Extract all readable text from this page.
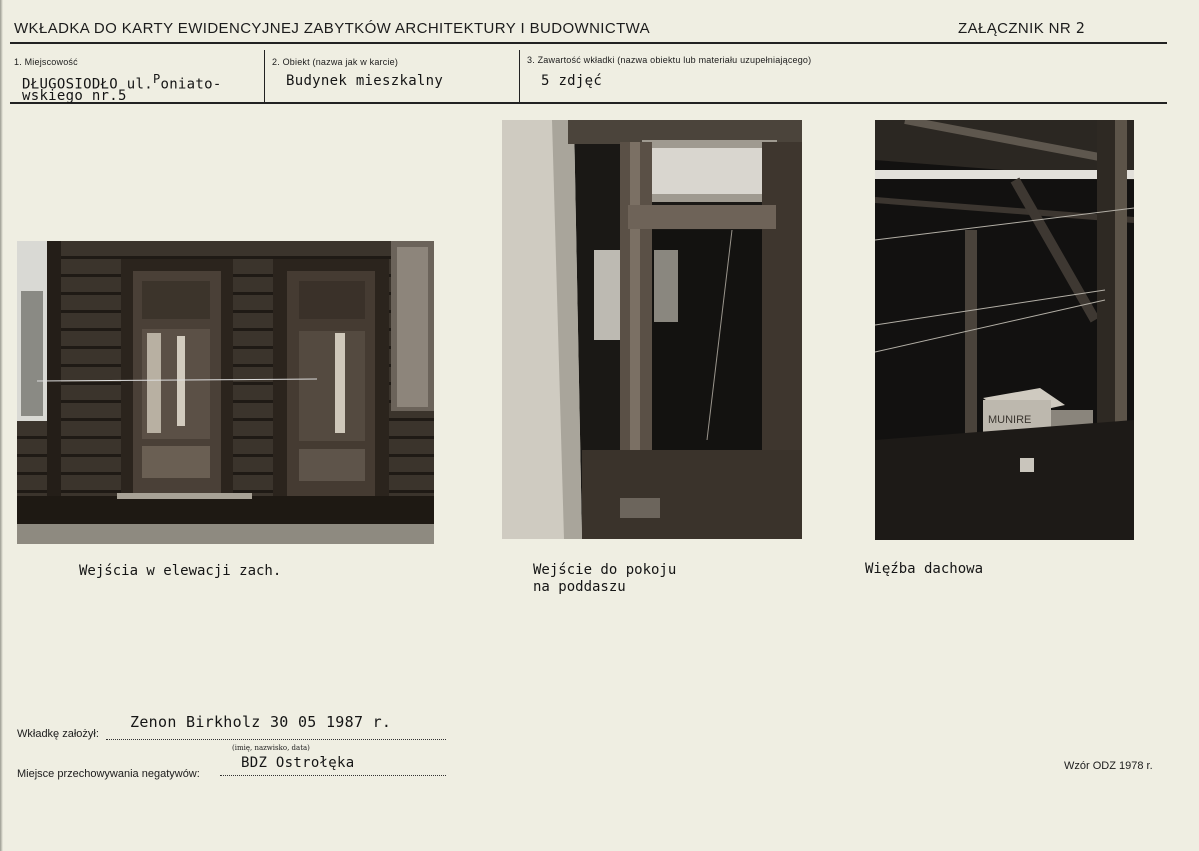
WKŁADKA DO KARTY EWIDENCYJNEJ ZABYTKÓW ARCHITEKTURY I BUDOWNICTWA	ZAŁĄCZNIK NR 2
1. Miejscowość
DŁUGOSIODŁO ul.$^P$oniato-
wskiego nr.5
2. Obiekt (nazwa jak w karcie)
Budynek mieszkalny
3. Zawartość wkładki (nazwa obiektu lub materiału uzupełniającego)
5 zdjęć
MUNIRE
Wejścia w elewacji zach.	Wejście do pokoju
na poddaszu
Więźba dachowa
Wkładkę założył:
Zenon Birkholz 30 05 1987 r.
(imię, nazwisko, data)
Miejsce przechowywania negatywów:
BDZ Ostrołęka	Wzór ODZ 1978 r.
